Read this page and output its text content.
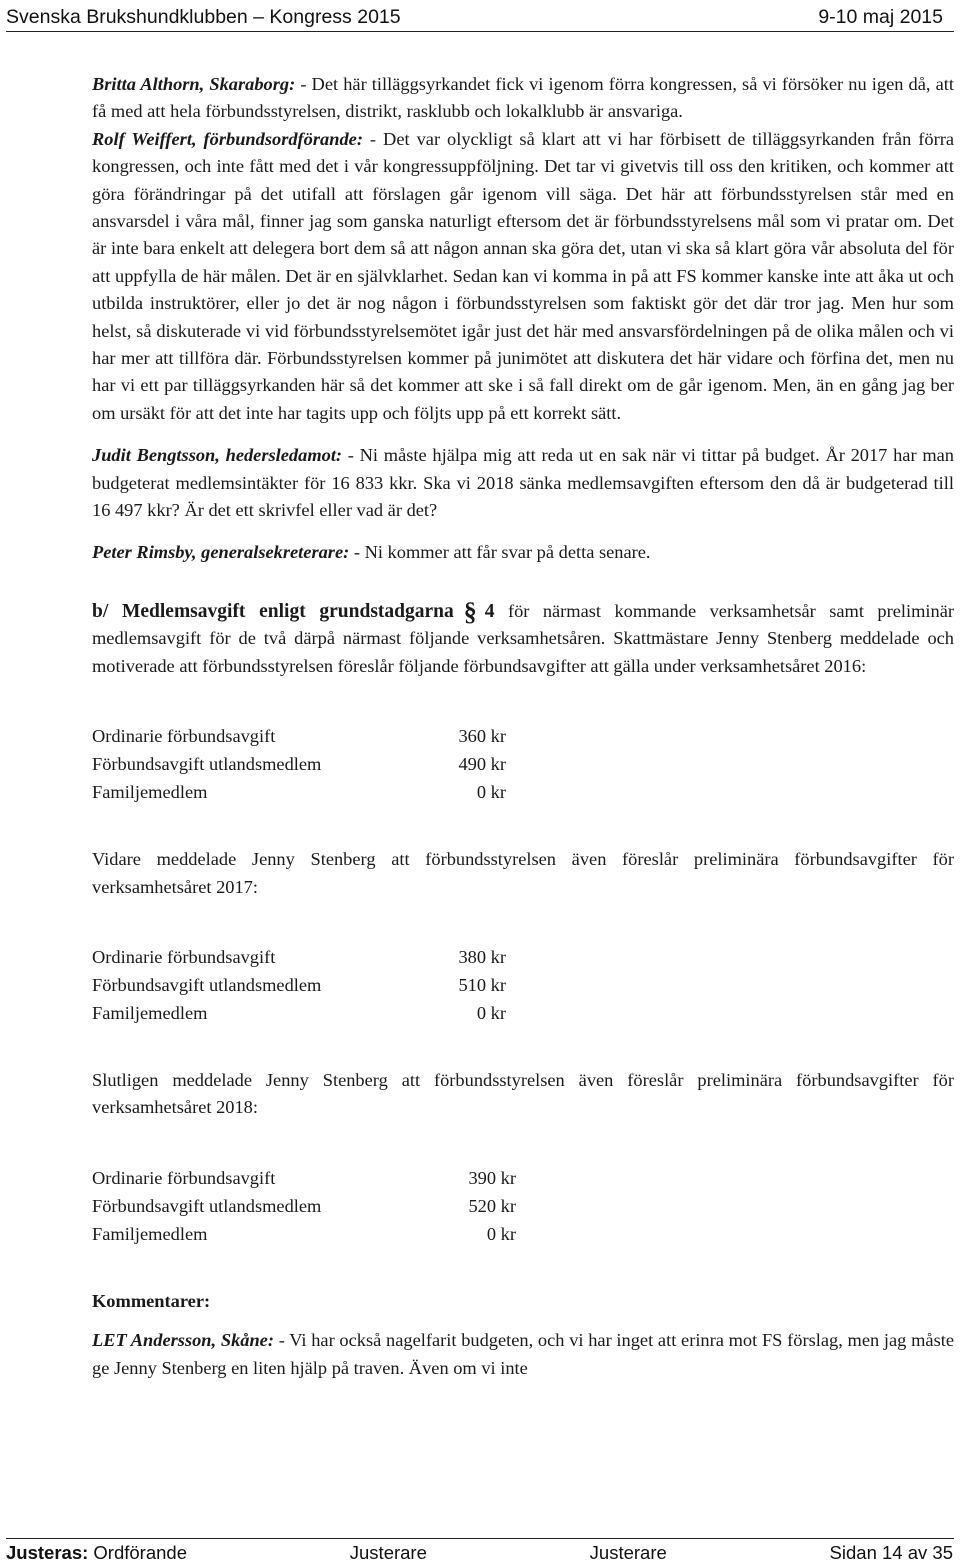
Svenska Brukshundklubben – Kongress 2015	9-10 maj 2015

Britta Althorn, Skaraborg: - Det här tilläggsyrkandet fick vi igenom förra kongressen, så vi försöker nu igen då, att få med att hela förbundsstyrelsen, distrikt, rasklubb och lokalklubb är ansvariga.

Rolf Weiffert, förbundsordförande: - Det var olyckligt så klart att vi har förbisett de tilläggsyrkanden från förra kongressen, och inte fått med det i vår kongressuppföljning. Det tar vi givetvis till oss den kritiken, och kommer att göra förändringar på det utifall att förslagen går igenom vill säga. Det här att förbundsstyrelsen står med en ansvarsdel i våra mål, finner jag som ganska naturligt eftersom det är förbundsstyrelsens mål som vi pratar om. Det är inte bara enkelt att delegera bort dem så att någon annan ska göra det, utan vi ska så klart göra vår absoluta del för att uppfylla de här målen. Det är en självklarhet. Sedan kan vi komma in på att FS kommer kanske inte att åka ut och utbilda instruktörer, eller jo det är nog någon i förbundsstyrelsen som faktiskt gör det där tror jag. Men hur som helst, så diskuterade vi vid förbundsstyrelsemötet igår just det här med ansvarsfördelningen på de olika målen och vi har mer att tillföra där. Förbundsstyrelsen kommer på junimötet att diskutera det här vidare och förfina det, men nu har vi ett par tilläggsyrkanden här så det kommer att ske i så fall direkt om de går igenom. Men, än en gång jag ber om ursäkt för att det inte har tagits upp och följts upp på ett korrekt sätt.

Judit Bengtsson, hedersledamot: - Ni måste hjälpa mig att reda ut en sak när vi tittar på budget. År 2017 har man budgeterat medlemsintäkter för 16 833 kkr. Ska vi 2018 sänka medlemsavgiften eftersom den då är budgeterad till 16 497 kkr? Är det ett skrivfel eller vad är det?

Peter Rimsby, generalsekreterare: - Ni kommer att får svar på detta senare.

b/ Medlemsavgift enligt grundstadgarna § 4 för närmast kommande verksamhetsår samt preliminär medlemsavgift för de två därpå närmast följande verksamhetsåren. Skattmästare Jenny Stenberg meddelade och motiverade att förbundsstyrelsen föreslår följande förbundsavgifter att gälla under verksamhetsåret 2016:

Ordinarie förbundsavgift	360 kr
Förbundsavgift utlandsmedlem	490 kr
Familjemedlem	0 kr

Vidare meddelade Jenny Stenberg att förbundsstyrelsen även föreslår preliminära förbundsavgifter för verksamhetsåret 2017:

Ordinarie förbundsavgift	380 kr
Förbundsavgift utlandsmedlem	510 kr
Familjemedlem	0 kr

Slutligen meddelade Jenny Stenberg att förbundsstyrelsen även föreslår preliminära förbundsavgifter för verksamhetsåret 2018:

Ordinarie förbundsavgift	390 kr
Förbundsavgift utlandsmedlem	520 kr
Familjemedlem	0 kr

Kommentarer:

LET Andersson, Skåne: - Vi har också nagelfarit budgeten, och vi har inget att erinra mot FS förslag, men jag måste ge Jenny Stenberg en liten hjälp på traven. Även om vi inte

Justeras: Ordförande	Justerare	Justerare	Sidan 14 av 35
